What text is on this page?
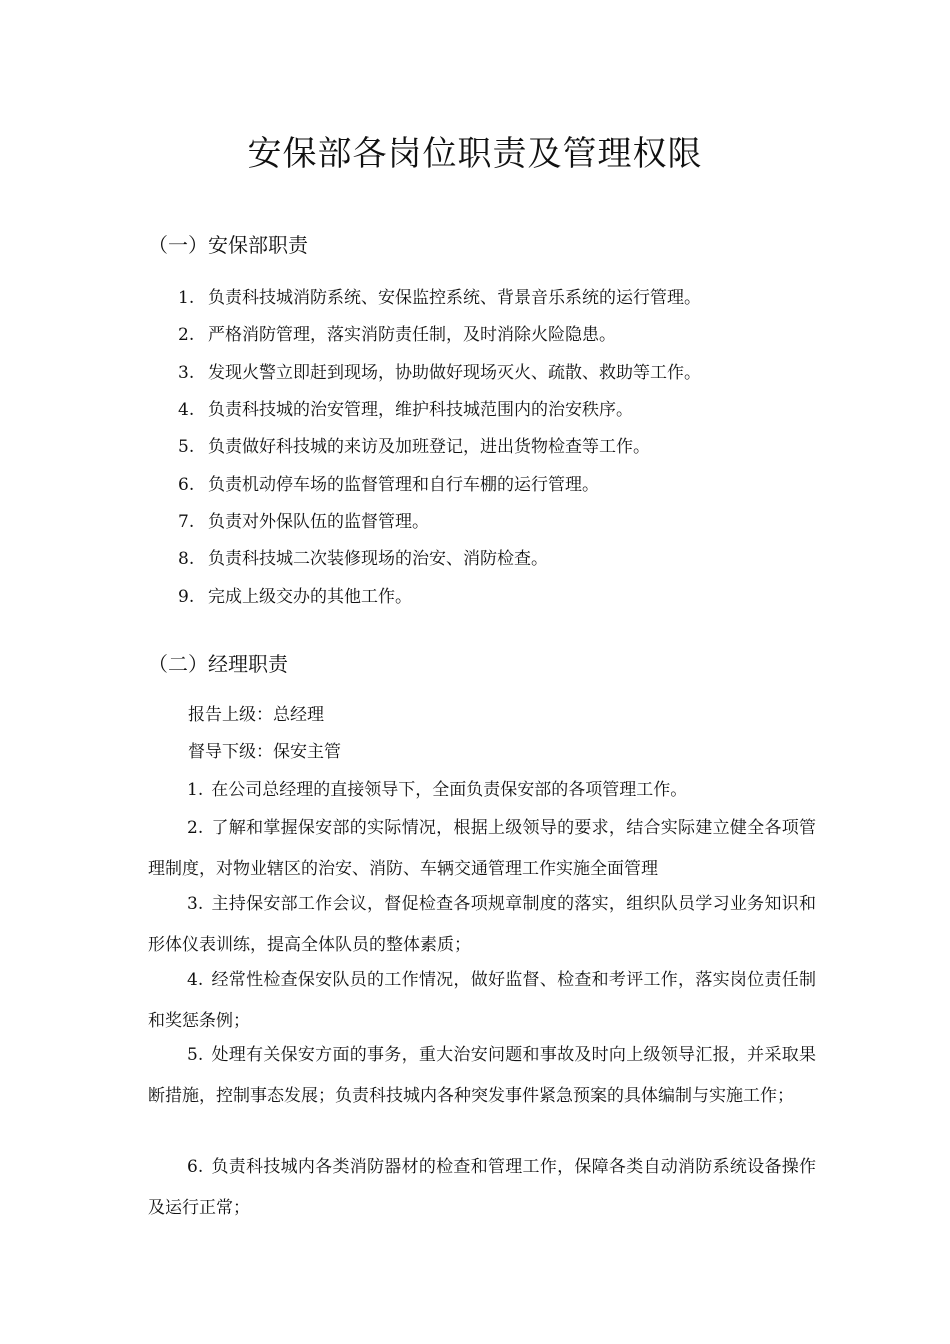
安保部各岗位职责及管理权限
（一）安保部职责
1. 负责科技城消防系统、安保监控系统、背景音乐系统的运行管理。
2. 严格消防管理，落实消防责任制，及时消除火险隐患。
3. 发现火警立即赶到现场，协助做好现场灭火、疏散、救助等工作。
4. 负责科技城的治安管理，维护科技城范围内的治安秩序。
5. 负责做好科技城的来访及加班登记，进出货物检查等工作。
6. 负责机动停车场的监督管理和自行车棚的运行管理。
7. 负责对外保队伍的监督管理。
8. 负责科技城二次装修现场的治安、消防检查。
9. 完成上级交办的其他工作。
（二）经理职责
报告上级：总经理
督导下级：保安主管
1. 在公司总经理的直接领导下，全面负责保安部的各项管理工作。
2. 了解和掌握保安部的实际情况，根据上级领导的要求，结合实际建立健全各项管理制度，对物业辖区的治安、消防、车辆交通管理工作实施全面管理
3. 主持保安部工作会议，督促检查各项规章制度的落实，组织队员学习业务知识和形体仪表训练，提高全体队员的整体素质；
4. 经常性检查保安队员的工作情况，做好监督、检查和考评工作，落实岗位责任制和奖惩条例；
5. 处理有关保安方面的事务，重大治安问题和事故及时向上级领导汇报，并采取果断措施，控制事态发展；负责科技城内各种突发事件紧急预案的具体编制与实施工作；
6. 负责科技城内各类消防器材的检查和管理工作，保障各类自动消防系统设备操作及运行正常；
